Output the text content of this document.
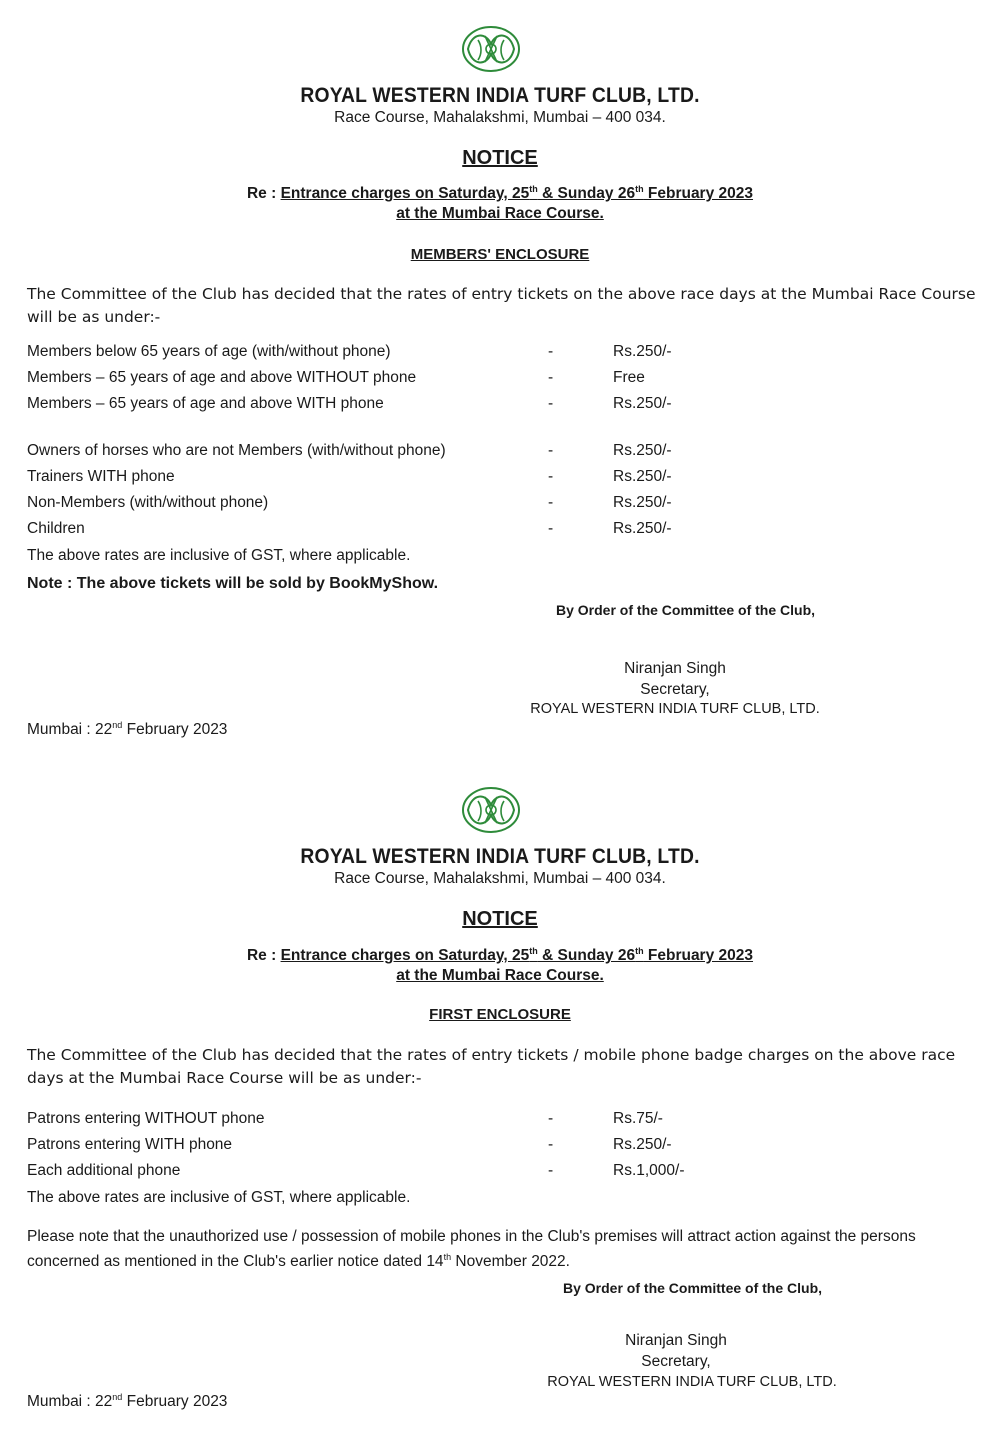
ROYAL WESTERN INDIA TURF CLUB, LTD.
Race Course, Mahalakshmi, Mumbai – 400 034.
NOTICE
Re : Entrance charges on Saturday, 25th & Sunday 26th February 2023
at the Mumbai Race Course.
MEMBERS' ENCLOSURE
The Committee of the Club has decided that the rates of entry tickets on the above race days at the Mumbai Race Course will be as under:-
Members below 65 years of age (with/without phone)	-	Rs.250/-
Members – 65 years of age and above WITHOUT phone	-	Free
Members – 65 years of age and above WITH phone	-	Rs.250/-
Owners of horses who are not Members (with/without phone)	-	Rs.250/-
Trainers WITH phone	-	Rs.250/-
Non-Members (with/without phone)	-	Rs.250/-
Children	-	Rs.250/-
The above rates are inclusive of GST, where applicable.
Note : The above tickets will be sold by BookMyShow.
By Order of the Committee of the Club,
Niranjan Singh
Secretary,
ROYAL WESTERN INDIA TURF CLUB, LTD.
Mumbai : 22nd February 2023
ROYAL WESTERN INDIA TURF CLUB, LTD.
Race Course, Mahalakshmi, Mumbai – 400 034.
NOTICE
Re : Entrance charges on Saturday, 25th & Sunday 26th February 2023
at the Mumbai Race Course.
FIRST ENCLOSURE
The Committee of the Club has decided that the rates of entry tickets / mobile phone badge charges on the above race days at the Mumbai Race Course will be as under:-
Patrons entering WITHOUT phone	-	Rs.75/-
Patrons entering WITH phone	-	Rs.250/-
Each additional phone	-	Rs.1,000/-
The above rates are inclusive of GST, where applicable.
Please note that the unauthorized use / possession of mobile phones in the Club's premises will attract action against the persons concerned as mentioned in the Club's earlier notice dated 14th November 2022.
By Order of the Committee of the Club,
Niranjan Singh
Secretary,
ROYAL WESTERN INDIA TURF CLUB, LTD.
Mumbai : 22nd February 2023
